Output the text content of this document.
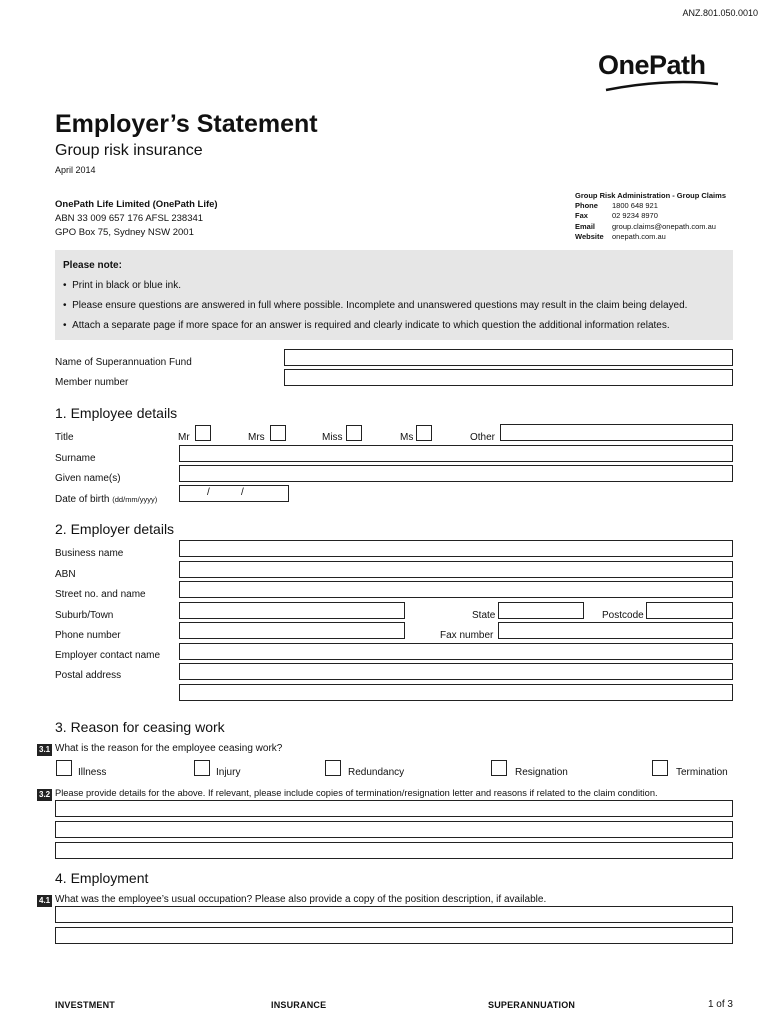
ANZ.801.050.0010
OnePath
Employer’s Statement
Group risk insurance
April 2014
OnePath Life Limited (OnePath Life)
ABN 33 009 657 176 AFSL 238341
GPO Box 75, Sydney NSW 2001
Group Risk Administration - Group Claims
Phone 1800 648 921
Fax	02 9234 8970
Email group.claims@onepath.com.au
Website onepath.com.au
Please note:
•  Print in black or blue ink.
•  Please ensure questions are answered in full where possible. Incomplete and unanswered questions may result in the claim being delayed.
•  Attach a separate page if more space for an answer is required and clearly indicate to which question the additional information relates.
Name of Superannuation Fund
Member number
1. Employee details
Title	Mr	Mrs	Miss	Ms	Other
Surname
Given name(s)
Date of birth (dd/mm/yyyy)
/	/
2. Employer details
Business name
ABN
Street no. and name
Suburb/Town	State	Postcode
Phone number	Fax number
Employer contact name
Postal address
3. Reason for ceasing work
3.1 What is the reason for the employee ceasing work?
Illness	Injury	Redundancy	Resignation	Termination
3.2 Please provide details for the above. If relevant, please include copies of termination/resignation letter and reasons if related to the claim condition.
4. Employment
4.1 What was the employee’s usual occupation? Please also provide a copy of the position description, if available.
INVESTMENT	INSURANCE	SUPERANNUATION	1 of 3
